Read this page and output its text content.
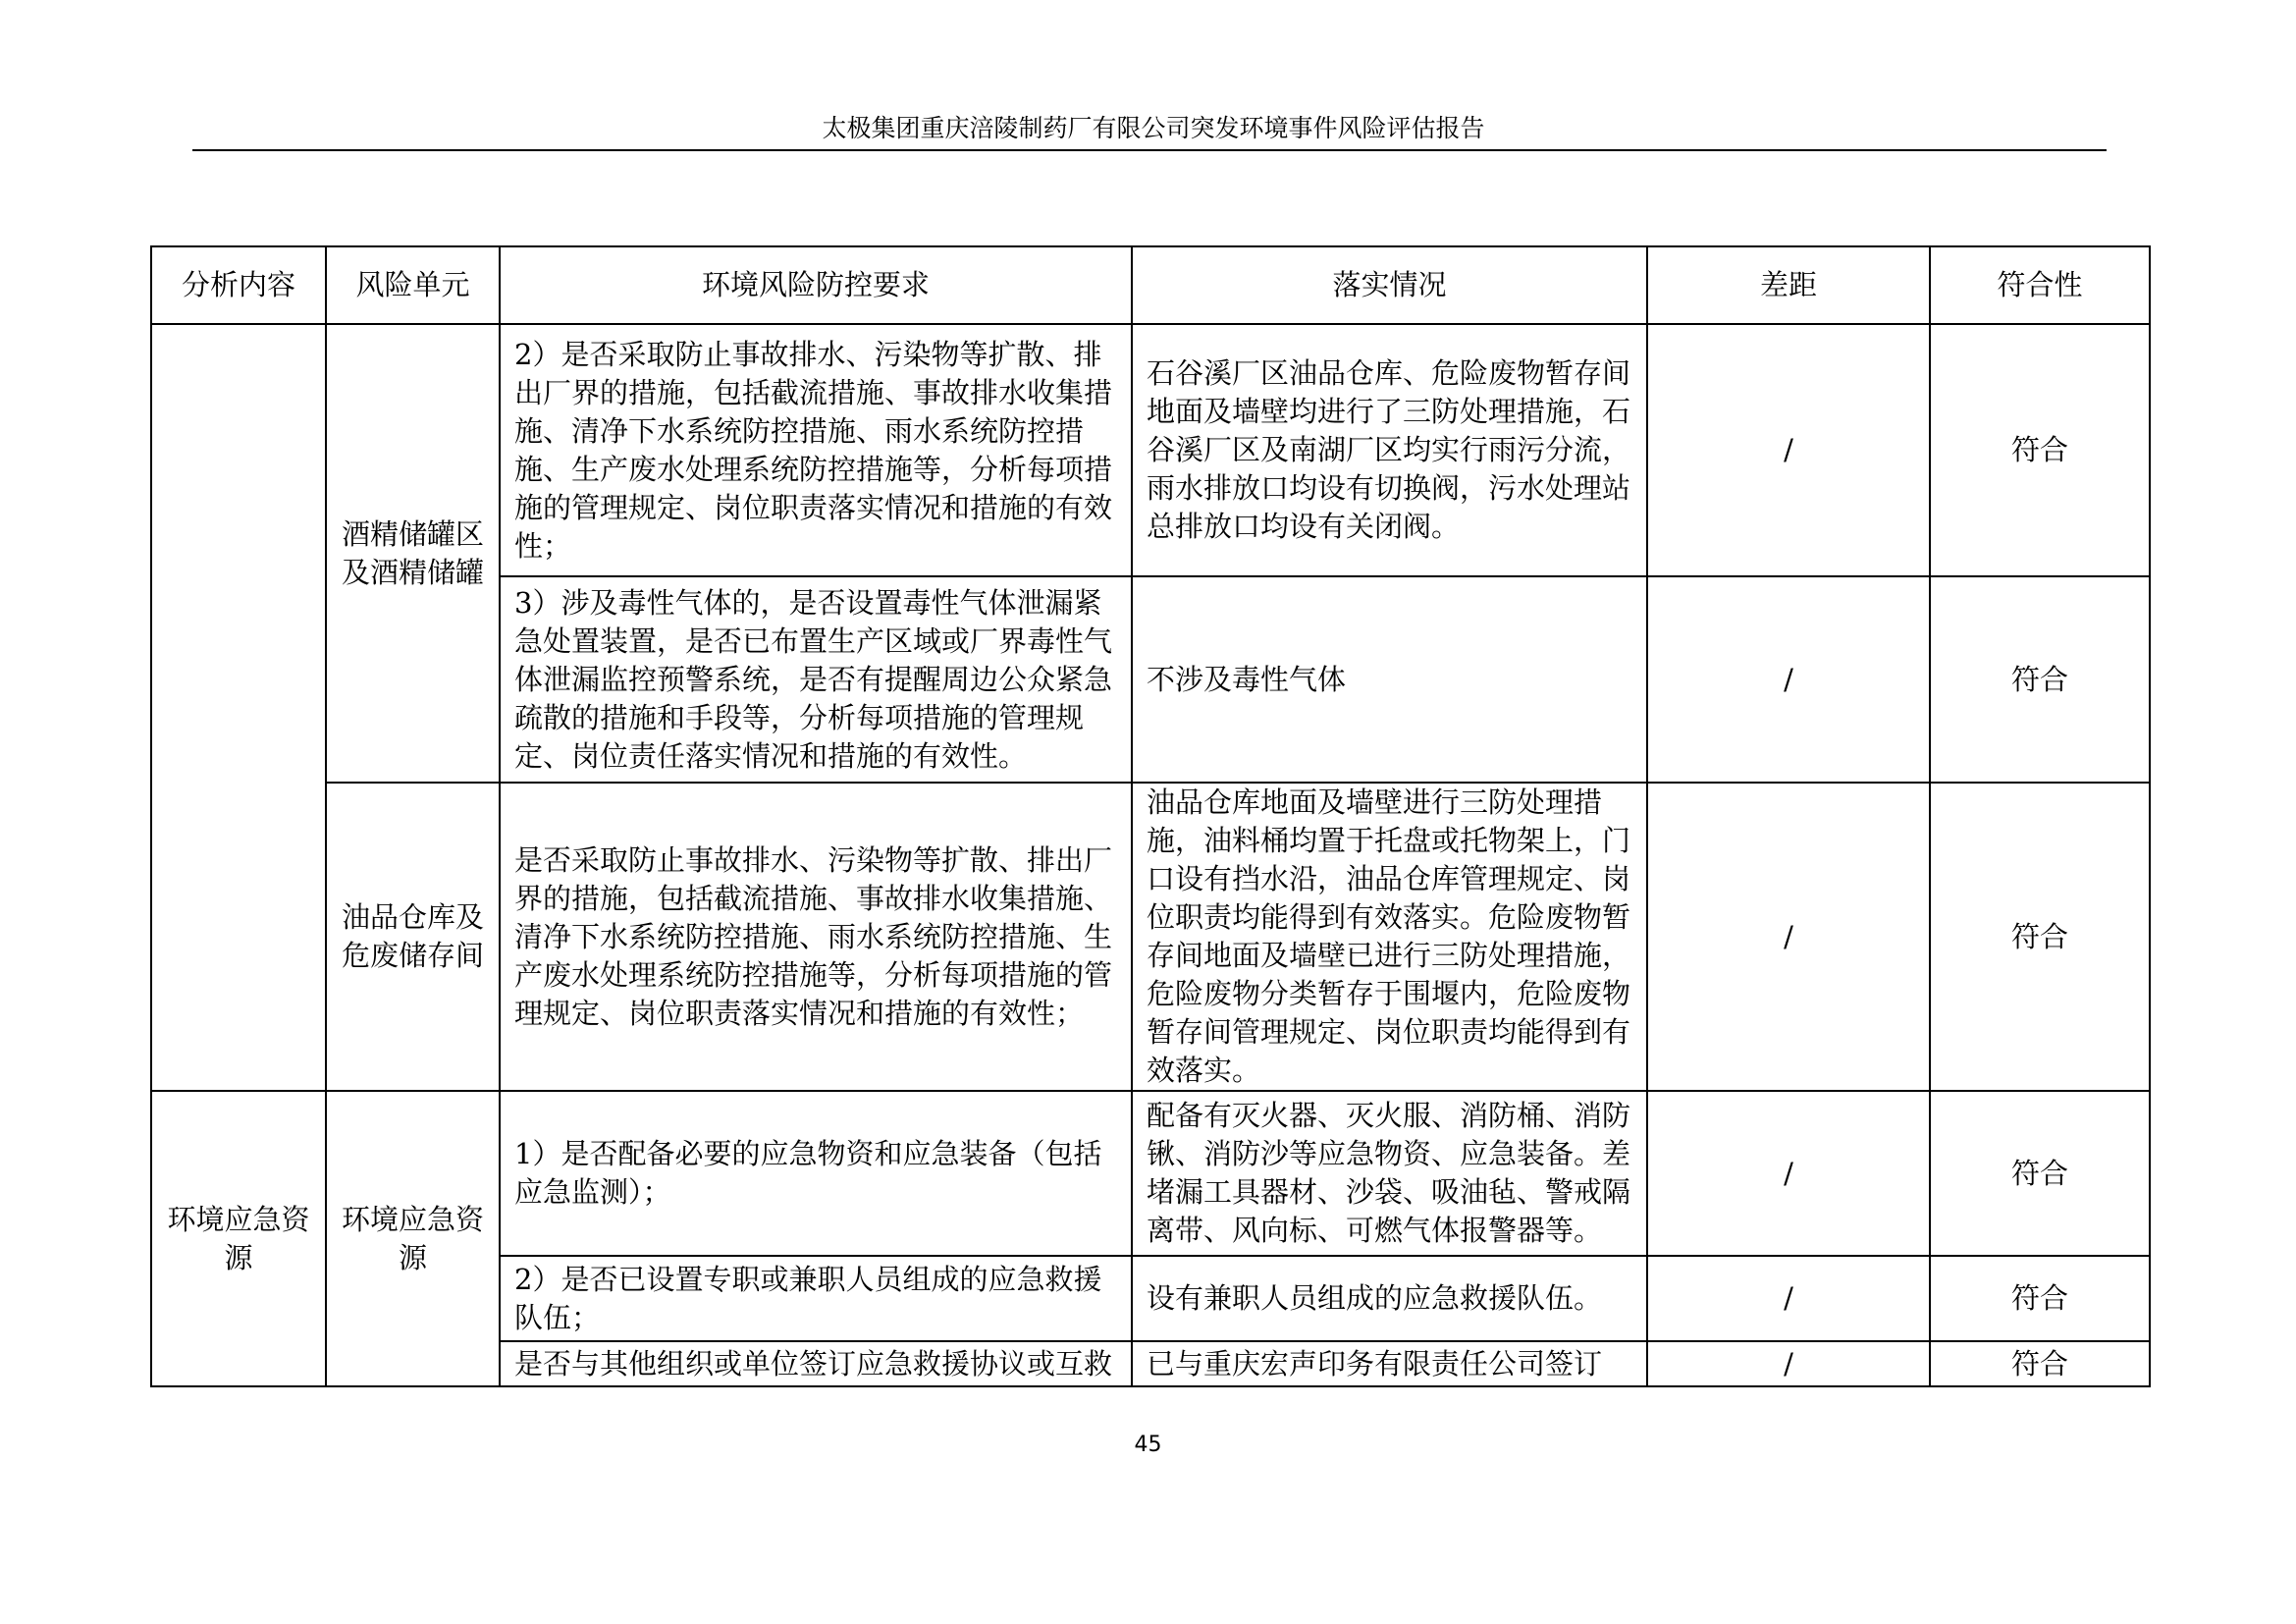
太极集团重庆涪陵制药厂有限公司突发环境事件风险评估报告
分析内容	风险单元	环境风险防控要求	落实情况	差距	符合性
	酒精储罐区及酒精储罐	2）是否采取防止事故排水、污染物等扩散、排出厂界的措施，包括截流措施、事故排水收集措施、清净下水系统防控措施、雨水系统防控措施、生产废水处理系统防控措施等，分析每项措施的管理规定、岗位职责落实情况和措施的有效性；	石谷溪厂区油品仓库、危险废物暂存间地面及墙壁均进行了三防处理措施，石谷溪厂区及南湖厂区均实行雨污分流，雨水排放口均设有切换阀，污水处理站总排放口均设有关闭阀。	/	符合
		3）涉及毒性气体的，是否设置毒性气体泄漏紧急处置装置，是否已布置生产区域或厂界毒性气体泄漏监控预警系统，是否有提醒周边公众紧急疏散的措施和手段等，分析每项措施的管理规定、岗位责任落实情况和措施的有效性。	不涉及毒性气体	/	符合
	油品仓库及危废储存间	是否采取防止事故排水、污染物等扩散、排出厂界的措施，包括截流措施、事故排水收集措施、清净下水系统防控措施、雨水系统防控措施、生产废水处理系统防控措施等，分析每项措施的管理规定、岗位职责落实情况和措施的有效性；	油品仓库地面及墙壁进行三防处理措施，油料桶均置于托盘或托物架上，门口设有挡水沿，油品仓库管理规定、岗位职责均能得到有效落实。危险废物暂存间地面及墙壁已进行三防处理措施，危险废物分类暂存于围堰内，危险废物暂存间管理规定、岗位职责均能得到有效落实。	/	符合
环境应急资源	环境应急资源	1）是否配备必要的应急物资和应急装备（包括应急监测）；	配备有灭火器、灭火服、消防桶、消防锹、消防沙等应急物资、应急装备。差堵漏工具器材、沙袋、吸油毡、警戒隔离带、风向标、可燃气体报警器等。	/	符合
		2）是否已设置专职或兼职人员组成的应急救援队伍；	设有兼职人员组成的应急救援队伍。	/	符合
		是否与其他组织或单位签订应急救援协议或互救	已与重庆宏声印务有限责任公司签订	/	符合
45
